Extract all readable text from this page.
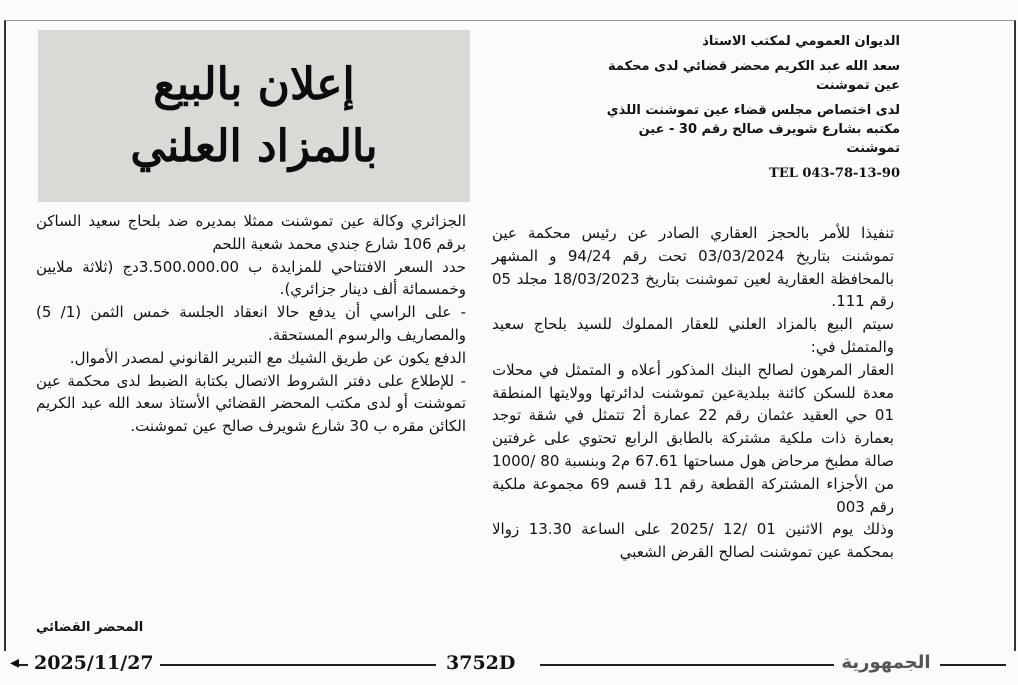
الديوان العمومي لمكتب الاستاذ
سعد الله عبد الكريم محضر قضائي لدى محكمة عين تموشنت
لدى اختصاص مجلس قضاء عين تموشنت اللذي مكتبه بشارع شويرف صالح رقم 30 - عين تموشنت
TEL 043-78-13-90
إعلان بالبيع
بالمزاد العلني

تنفيذا للأمر بالحجز العقاري الصادر عن رئيس محكمة عين تموشنت بتاريخ 03/03/2024 تحت رقم 94/24 و المشهر بالمحافظة العقارية لعين تموشنت بتاريخ 18/03/2023 مجلد 05 رقم 111.

سيتم البيع بالمزاد العلني للعقار المملوك للسيد بلحاج سعيد والمتمثل في:

العقار المرهون لصالح البنك المذكور أعلاه و المتمثل في محلات معدة للسكن كائنة ببلديةعين تموشنت لدائرتها وولايتها المنطقة 01 حي العقيد عثمان رقم 22 عمارة أ2 تتمثل في شقة توجد بعمارة ذات ملكية مشتركة بالطابق الرابع تحتوي على غرفتين صالة مطبخ مرحاض هول مساحتها 67.61 م2 وبنسبة 80 /1000 من الأجزاء المشتركة القطعة رقم 11 قسم 69 مجموعة ملكية رقم 003

وذلك يوم الاثنين 01 /12 /2025 على الساعة 13.30 زوالا بمحكمة عين تموشنت لصالح القرض الشعبي

الجزائري وكالة عين تموشنت ممثلا بمديره ضد بلحاج سعيد الساكن برقم 106 شارع جندي محمد شعبة اللحم

حدد السعر الافتتاحي للمزايدة ب 3.500.000.00دج (ثلاثة ملايين وخمسمائة ألف دينار جزائري).

- على الراسي أن يدفع حالا انعقاد الجلسة خمس الثمن (1/ 5) والمصاريف والرسوم المستحقة.

الدفع يكون عن طريق الشيك مع التبرير القانوني لمصدر الأموال.

- للإطلاع على دفتر الشروط الاتصال بكتابة الضبط لدى محكمة عين تموشنت أو لدى مكتب المحضر القضائي الأستاذ سعد الله عبد الكريم الكائن مقره ب 30 شارع شويرف صالح عين تموشنت.

المحضر القضائي
◂ 2025/11/27	3752D	الجمهورية
